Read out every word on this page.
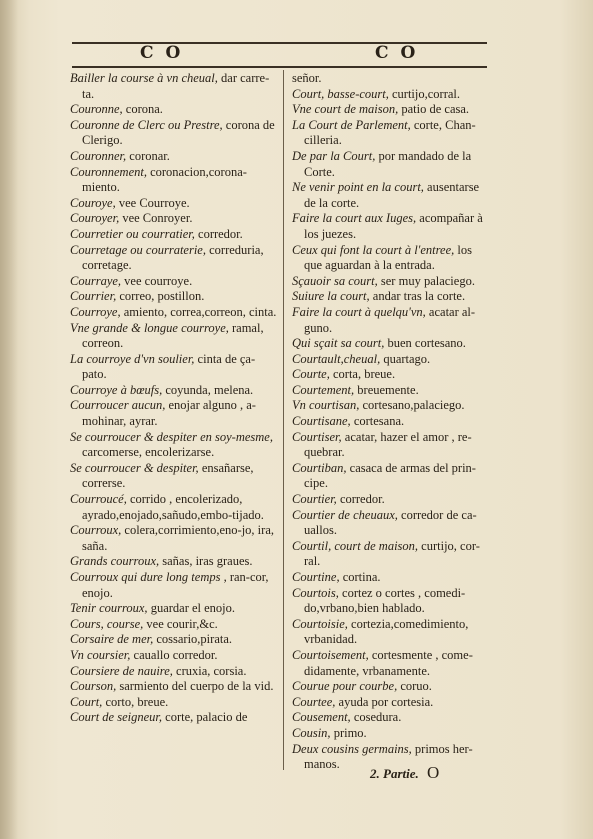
C O	C O

Bailler la course à vn cheual, dar carre-ta.

Couronne, corona.

Couronne de Clerc ou Prestre, corona de Clerigo.

Couronner, coronar.

Couronnement, coronacion,corona-miento.

Couroye, vee Courroye.

Couroyer, vee Conroyer.

Courretier ou courratier, corredor.

Courretage ou courraterie, correduria, corretage.

Courraye, vee courroye.

Courrier, correo, postillon.

Courroye, amiento, correa,correon, cinta.

Vne grande & longue courroye, ramal, correon.

La courroye d'vn soulier, cinta de ça-pato.

Courroye à bœufs, coyunda, melena.

Courroucer aucun, enojar alguno , a-mohinar, ayrar.

Se courroucer & despiter en soy-mesme, carcomerse, encolerizarse.

Se courroucer & despiter, ensañarse, correrse.

Courroucé, corrido , encolerizado, ayrado,enojado,sañudo,embo-tijado.

Courroux, colera,corrimiento,eno-jo, ira, saña.

Grands courroux, sañas, iras graues.

Courroux qui dure long temps , ran-cor, enojo.

Tenir courroux, guardar el enojo.

Cours, course, vee courir,&c.

Corsaire de mer, cossario,pirata.

Vn coursier, cauallo corredor.

Coursiere de nauire, cruxia, corsia.

Courson, sarmiento del cuerpo de la vid.

Court, corto, breue.

Court de seigneur, corte, palacio de

señor.

Court, basse-court, curtijo,corral.

Vne court de maison, patio de casa.

La Court de Parlement, corte, Chan-cilleria.

De par la Court, por mandado de la Corte.

Ne venir point en la court, ausentarse de la corte.

Faire la court aux Iuges, acompañar à los juezes.

Ceux qui font la court à l'entree, los que aguardan à la entrada.

Sçauoir sa court, ser muy palaciego.

Suiure la court, andar tras la corte.

Faire la court à quelqu'vn, acatar al-guno.

Qui sçait sa court, buen cortesano.

Courtault,cheual, quartago.

Courte, corta, breue.

Courtement, breuemente.

Vn courtisan, cortesano,palaciego.

Courtisane, cortesana.

Courtiser, acatar, hazer el amor , re-quebrar.

Courtiban, casaca de armas del prin-cipe.

Courtier, corredor.

Courtier de cheuaux, corredor de ca-uallos.

Courtil, court de maison, curtijo, cor-ral.

Courtine, cortina.

Courtois, cortez o cortes , comedi-do,vrbano,bien hablado.

Courtoisie, cortezia,comedimiento, vrbanidad.

Courtoisement, cortesmente , come-didamente, vrbanamente.

Courue pour courbe, coruo.

Courtee, ayuda por cortesia.

Cousement, cosedura.

Cousin, primo.

Deux cousins germains, primos her-manos.

2. Partie. O
